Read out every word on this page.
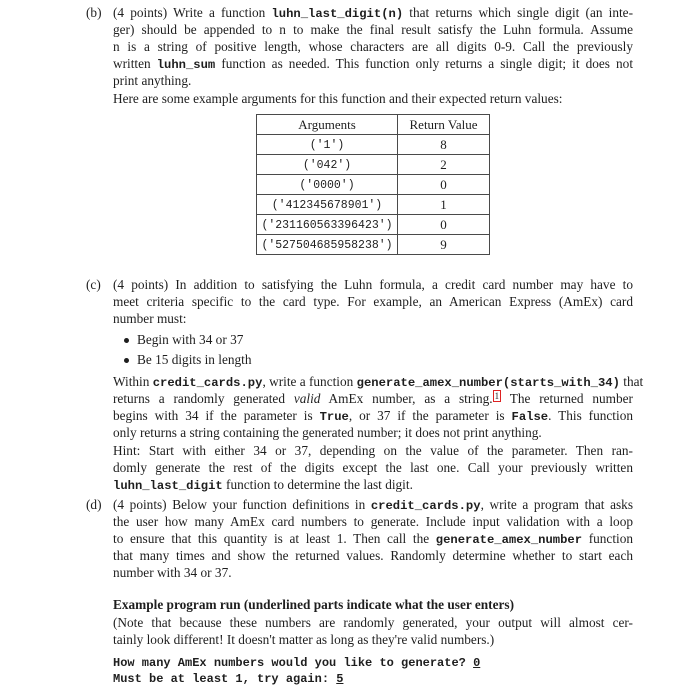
(b) (4 points) Write a function luhn_last_digit(n) that returns which single digit (an inte-
ger) should be appended to n to make the final result satisfy the Luhn formula. Assume
n is a string of positive length, whose characters are all digits 0-9. Call the previously
written luhn_sum function as needed. This function only returns a single digit; it does not
print anything.
Here are some example arguments for this function and their expected return values:
Arguments	Return Value
('1')	8
('042')	2
('0000')	0
('412345678901')	1
('231160563396423')	0
('527504685958238')	9
(c) (4 points) In addition to satisfying the Luhn formula, a credit card number may have to
meet criteria specific to the card type. For example, an American Express (AmEx) card
number must:
Begin with 34 or 37
Be 15 digits in length
Within credit_cards.py, write a function generate_amex_number(starts_with_34) that
returns a randomly generated valid AmEx number, as a string. 1 The returned number
begins with 34 if the parameter is True, or 37 if the parameter is False. This function
only returns a string containing the generated number; it does not print anything.
Hint: Start with either 34 or 37, depending on the value of the parameter. Then ran-
domly generate the rest of the digits except the last one. Call your previously written
luhn_last_digit function to determine the last digit.
(d) (4 points) Below your function definitions in credit_cards.py, write a program that asks
the user how many AmEx card numbers to generate. Include input validation with a loop
to ensure that this quantity is at least 1. Then call the generate_amex_number function
that many times and show the returned values. Randomly determine whether to start each
number with 34 or 37.
Example program run (underlined parts indicate what the user enters)
(Note that because these numbers are randomly generated, your output will almost cer-
tainly look different! It doesn't matter as long as they're valid numbers.)
How many AmEx numbers would you like to generate? 0
Must be at least 1, try again: 5
